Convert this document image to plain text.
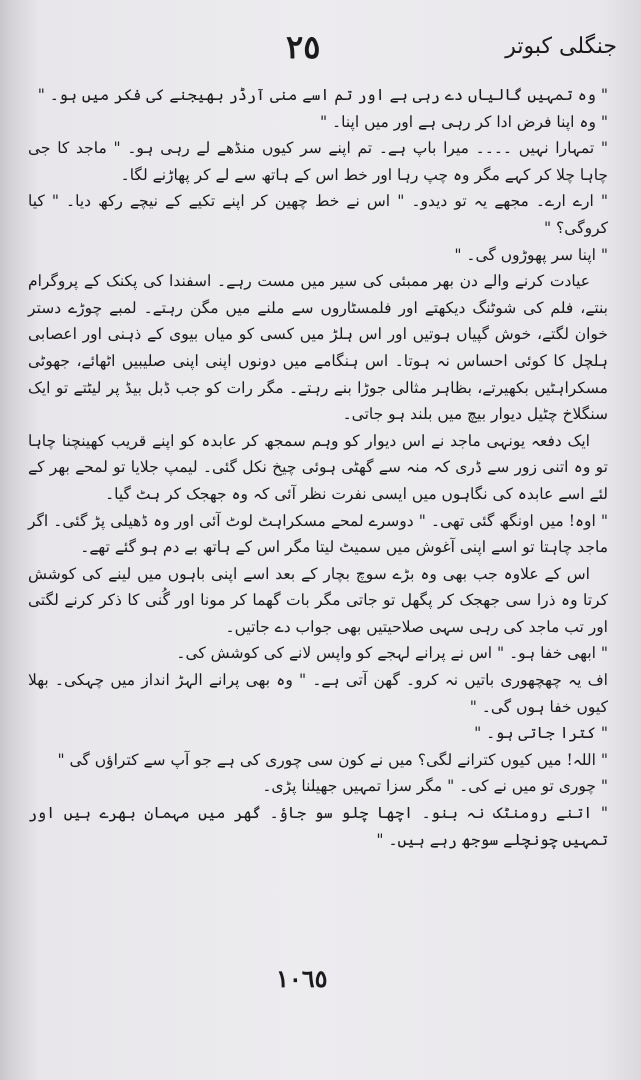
٢٥	جنگلی کبوتر

" وہ تمہیں گالیاں دے رہی ہے اور تم اسے منی آرڈر بھیجنے کی فکر میں ہو۔ "

" وہ اپنا فرض ادا کر رہی ہے اور میں اپنا۔ "

" تمہارا نہیں ۔۔۔۔ میرا باپ ہے۔ تم اپنے سر کیوں منڈھے لے رہی ہو۔ " ماجد کا جی چاہا چلا کر کہے مگر وہ چپ رہا اور خط اس کے ہاتھ سے لے کر پھاڑنے لگا۔

" ارے ارے۔ مجھے یہ تو دیدو۔ " اس نے خط چھین کر اپنے تکیے کے نیچے رکھ دیا۔ " کیا کروگی؟ "

" اپنا سر پھوڑوں گی۔ "

عیادت کرنے والے دن بھر ممبئی کی سیر میں مست رہے۔ اسفندا کی پکنک کے پروگرام بنتے، فلم کی شوٹنگ دیکھتے اور فلمسٹاروں سے ملنے میں مگن رہتے۔ لمبے چوڑے دستر خوان لگتے، خوش گپیاں ہوتیں اور اس ہلڑ میں کسی کو میاں بیوی کے ذہنی اور اعصابی ہلچل کا کوئی احساس نہ ہوتا۔ اس ہنگامے میں دونوں اپنی اپنی صلیبیں اٹھائے، جھوٹی مسکراہٹیں بکھیرتے، بظاہر مثالی جوڑا بنے رہتے۔ مگر رات کو جب ڈبل بیڈ پر لیٹتے تو ایک سنگلاخ چٹیل دیوار بیچ میں بلند ہو جاتی۔

ایک دفعہ یونہی ماجد نے اس دیوار کو وہم سمجھ کر عابدہ کو اپنے قریب کھینچنا چاہا تو وہ اتنی زور سے ڈری کہ منہ سے گھٹی ہوئی چیخ نکل گئی۔ لیمپ جلایا تو لمحے بھر کے لئے اسے عابدہ کی نگاہوں میں ایسی نفرت نظر آئی کہ وہ جھجک کر ہٹ گیا۔

" اوہ! میں اونگھ گئی تھی۔ " دوسرے لمحے مسکراہٹ لوٹ آئی اور وہ ڈھیلی پڑ گئی۔ اگر ماجد چاہتا تو اسے اپنی آغوش میں سمیٹ لیتا مگر اس کے ہاتھ بے دم ہو گئے تھے۔

اس کے علاوہ جب بھی وہ بڑے سوچ بچار کے بعد اسے اپنی باہوں میں لینے کی کوشش کرتا وہ ذرا سی جھجک کر پگھل تو جاتی مگر بات گھما کر مونا اور گُنی کا ذکر کرنے لگتی اور تب ماجد کی رہی سہی صلاحیتیں بھی جواب دے جاتیں۔

" ابھی خفا ہو۔ " اس نے پرانے لہجے کو واپس لانے کی کوشش کی۔

اف یہ چھچھوری باتیں نہ کرو۔ گھن آتی ہے۔ " وہ بھی پرانے الہڑ انداز میں چہکی۔ بھلا کیوں خفا ہوں گی۔ "

" کترا جاتی ہو۔ "

" اللہ! میں کیوں کترانے لگی؟ میں نے کون سی چوری کی ہے جو آپ سے کتراؤں گی "

" چوری تو میں نے کی۔ " مگر سزا تمہیں جھیلنا پڑی۔

" اتنے رومنٹک نہ بنو۔ اچھا چلو سو جاؤ۔ گھر میں مہمان بھرے ہیں اور تمہیں چونچلے سوجھ رہے ہیں۔ "

١٠٦٥
